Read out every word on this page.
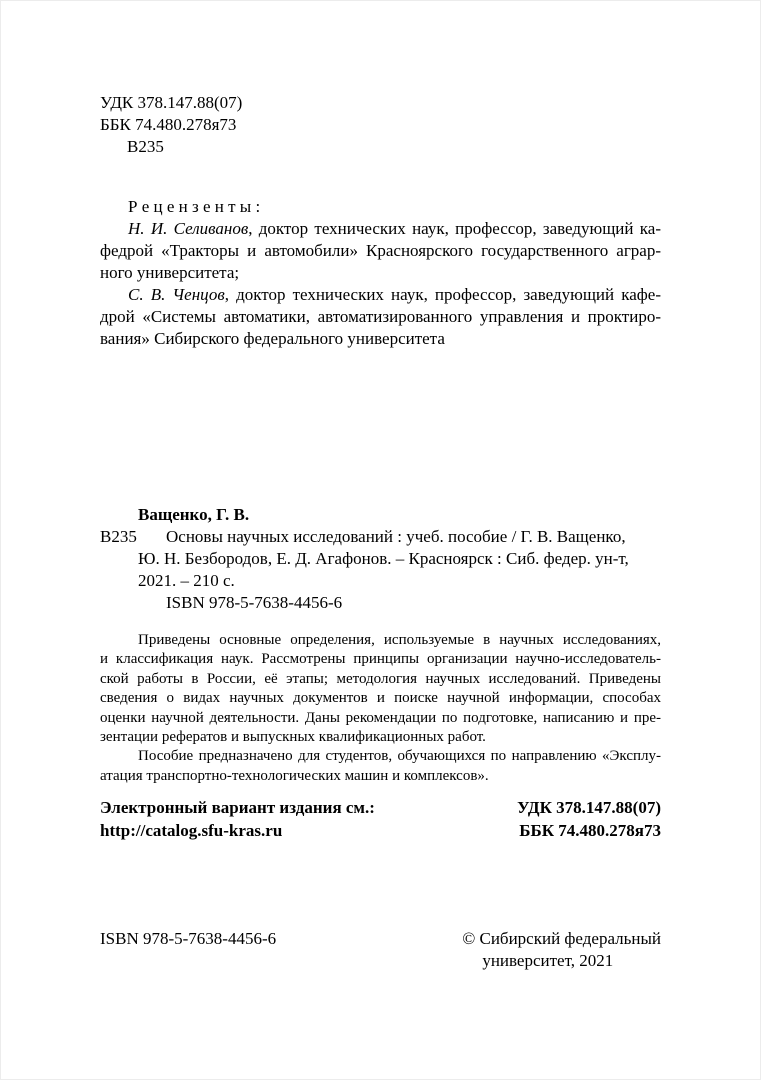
УДК 378.147.88(07)
ББК 74.480.278я73
В235
Р е ц е н з е н т ы :
Н. И. Селиванов, доктор технических наук, профессор, заведующий ка-
федрой «Тракторы и автомобили» Красноярского государственного аграр-
ного университета;
С. В. Ченцов, доктор технических наук, профессор, заведующий кафе-
дрой «Системы автоматики, автоматизированного управления и проктиро-
вания» Сибирского федерального университета
Ващенко, Г. В.
В235 Основы научных исследований : учеб. пособие / Г. В. Ващенко,
Ю. Н. Безбородов, Е. Д. Агафонов. – Красноярск : Сиб. федер. ун-т,
2021. – 210 с.
ISBN 978-5-7638-4456-6
Приведены основные определения, используемые в научных исследованиях,
и классификация наук. Рассмотрены принципы организации научно-исследователь-
ской работы в России, её этапы; методология научных исследований. Приведены
сведения о видах научных документов и поиске научной информации, способах
оценки научной деятельности. Даны рекомендации по подготовке, написанию и пре-
зентации рефератов и выпускных квалификационных работ.
Пособие предназначено для студентов, обучающихся по направлению «Эксплу-
атация транспортно-технологических машин и комплексов».
Электронный вариант издания см.:
http://catalog.sfu-kras.ru
УДК 378.147.88(07)
ББК 74.480.278я73
ISBN 978-5-7638-4456-6	© Сибирский федеральный
университет, 2021
